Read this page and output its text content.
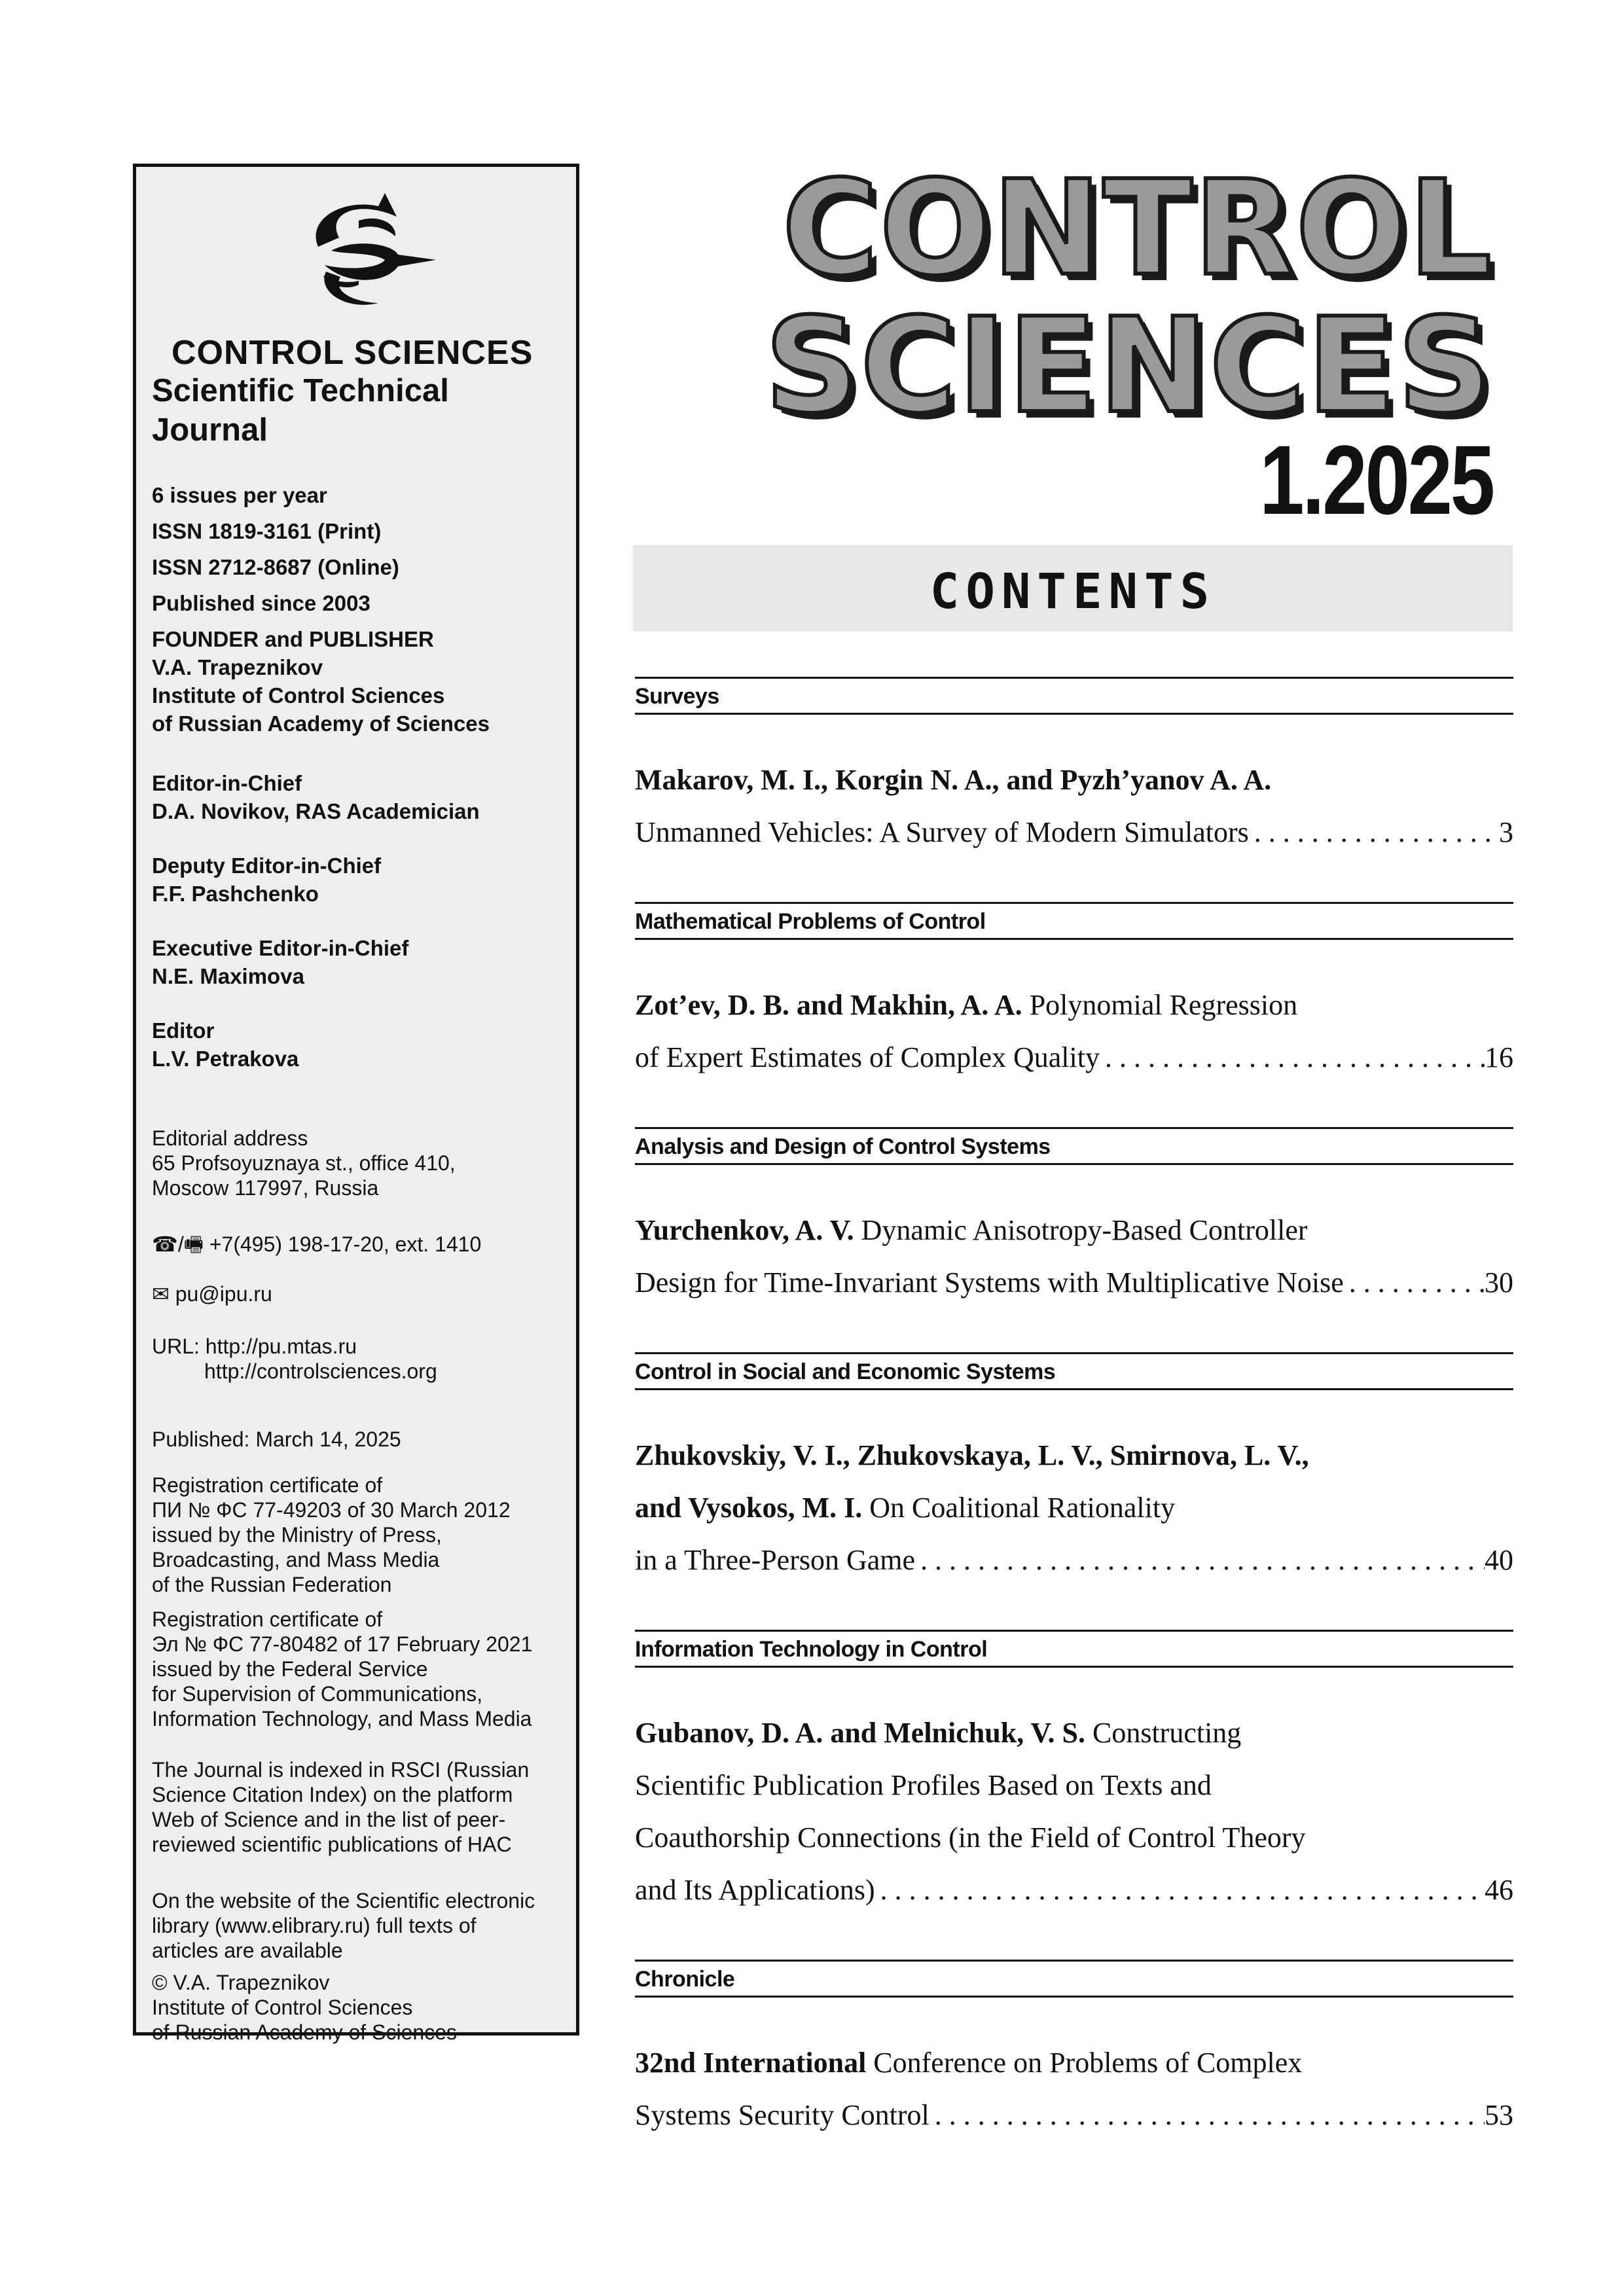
CONTROL SCIENCES
Scientific Technical
Journal
6 issues per year
ISSN 1819-3161 (Print)
ISSN 2712-8687 (Online)
Published since 2003
FOUNDER and PUBLISHER
V.A. Trapeznikov
Institute of Control Sciences
of Russian Academy of Sciences
Editor-in-Chief
D.A. Novikov, RAS Academician
Deputy Editor-in-Chief
F.F. Pashchenko
Executive Editor-in-Chief
N.E. Maximova
Editor
L.V. Petrakova
Editorial address
65 Profsoyuznaya st., office 410,
Moscow 117997, Russia
☎/🖷 +7(495) 198-17-20, ext. 1410
✉ pu@ipu.ru
URL: http://pu.mtas.ru
http://controlsciences.org
Published: March 14, 2025
Registration certificate of
ПИ № ФС 77-49203 of 30 March 2012
issued by the Ministry of Press,
Broadcasting, and Mass Media
of the Russian Federation
Registration certificate of
Эл № ФС 77-80482 of 17 February 2021
issued by the Federal Service
for Supervision of Communications,
Information Technology, and Mass Media
The Journal is indexed in RSCI (Russian
Science Citation Index) on the platform
Web of Science and in the list of peer-
reviewed scientific publications of HAC
On the website of the Scientific electronic
library (www.elibrary.ru) full texts of
articles are available
© V.A. Trapeznikov
Institute of Control Sciences
of Russian Academy of Sciences
CONTROL
SCIENCES
1.2025
CONTENTS
Surveys
Makarov, M. I., Korgin N. A., and Pyzh’yanov A. A.
Unmanned Vehicles: A Survey of Modern Simulators . . .	3
Mathematical Problems of Control
Zot’ev, D. B. and Makhin, A. A. Polynomial Regression
of Expert Estimates of Complex Quality . . .	16
Analysis and Design of Control Systems
Yurchenkov, A. V. Dynamic Anisotropy-Based Controller
Design for Time-Invariant Systems with Multiplicative Noise . . .	30
Control in Social and Economic Systems
Zhukovskiy, V. I., Zhukovskaya, L. V., Smirnova, L. V.,
and Vysokos, M. I. On Coalitional Rationality
in a Three-Person Game . . .	40
Information Technology in Control
Gubanov, D. A. and Melnichuk, V. S. Constructing
Scientific Publication Profiles Based on Texts and
Coauthorship Connections (in the Field of Control Theory
and Its Applications) . . .	46
Chronicle
32nd International Conference on Problems of Complex
Systems Security Control . . .	53
